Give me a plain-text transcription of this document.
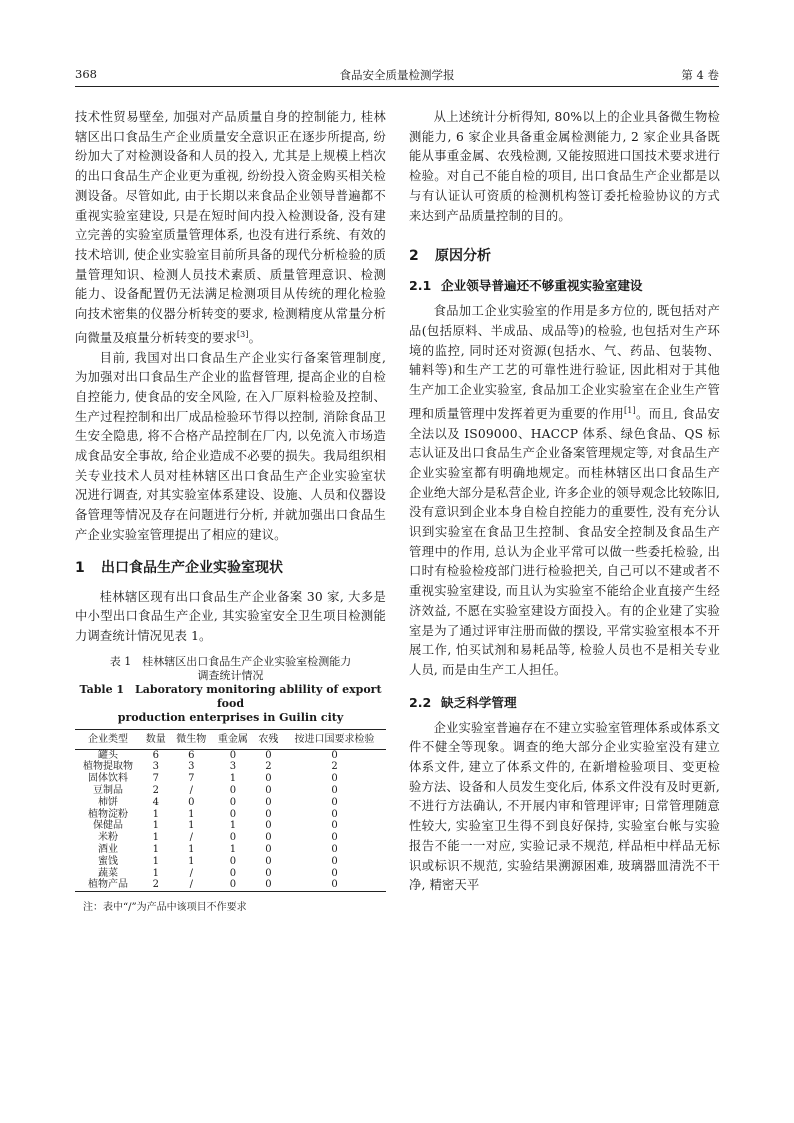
368	食品安全质量检测学报	第 4 卷

技术性贸易壁垒, 加强对产品质量自身的控制能力, 桂林辖区出口食品生产企业质量安全意识正在逐步所提高, 纷纷加大了对检测设备和人员的投入, 尤其是上规模上档次的出口食品生产企业更为重视, 纷纷投入资金购买相关检测设备。尽管如此, 由于长期以来食品企业领导普遍都不重视实验室建设, 只是在短时间内投入检测设备, 没有建立完善的实验室质量管理体系, 也没有进行系统、有效的技术培训, 使企业实验室目前所具备的现代分析检验的质量管理知识、检测人员技术素质、质量管理意识、检测能力、设备配置仍无法满足检测项目从传统的理化检验向技术密集的仪器分析转变的要求, 检测精度从常量分析向微量及痕量分析转变的要求[3]。

目前, 我国对出口食品生产企业实行备案管理制度, 为加强对出口食品生产企业的监督管理, 提高企业的自检自控能力, 使食品的安全风险, 在入厂原料检验及控制、生产过程控制和出厂成品检验环节得以控制, 消除食品卫生安全隐患, 将不合格产品控制在厂内, 以免流入市场造成食品安全事故, 给企业造成不必要的损失。我局组织相关专业技术人员对桂林辖区出口食品生产企业实验室状况进行调查, 对其实验室体系建设、设施、人员和仪器设备管理等情况及存在问题进行分析, 并就加强出口食品生产企业实验室管理提出了相应的建议。

1 出口食品生产企业实验室现状

桂林辖区现有出口食品生产企业备案 30 家, 大多是中小型出口食品生产企业, 其实验室安全卫生项目检测能力调查统计情况见表 1。

表 1　桂林辖区出口食品生产企业实验室检测能力
调查统计情况
Table 1　Laboratory monitoring ablility of export food
production enterprises in Guilin city
企业类型	数量	微生物	重金属	农残	按进口国要求检验
罐头	6	6	0	0	0
植物提取物	3	3	3	2	2
固体饮料	7	7	1	0	0
豆制品	2	/	0	0	0
柿饼	4	0	0	0	0
植物淀粉	1	1	0	0	0
保健品	1	1	1	0	0
米粉	1	/	0	0	0
酒业	1	1	1	0	0
蜜饯	1	1	0	0	0
蔬菜	1	/	0	0	0
植物产品	2	/	0	0	0
注：表中“/”为产品中该项目不作要求

从上述统计分析得知, 80%以上的企业具备微生物检测能力, 6 家企业具备重金属检测能力, 2 家企业具备既能从事重金属、农残检测, 又能按照进口国技术要求进行检验。对自己不能自检的项目, 出口食品生产企业都是以与有认证认可资质的检测机构签订委托检验协议的方式来达到产品质量控制的目的。

2 原因分析
2.1 企业领导普遍还不够重视实验室建设

食品加工企业实验室的作用是多方位的, 既包括对产品(包括原料、半成品、成品等)的检验, 也包括对生产环境的监控, 同时还对资源(包括水、气、药品、包装物、辅料等)和生产工艺的可靠性进行验证, 因此相对于其他生产加工企业实验室, 食品加工企业实验室在企业生产管理和质量管理中发挥着更为重要的作用[1]。而且, 食品安全法以及 IS09000、HACCP 体系、绿色食品、QS 标志认证及出口食品生产企业备案管理规定等, 对食品生产企业实验室都有明确地规定。而桂林辖区出口食品生产企业绝大部分是私营企业, 许多企业的领导观念比较陈旧, 没有意识到企业本身自检自控能力的重要性, 没有充分认识到实验室在食品卫生控制、食品安全控制及食品生产管理中的作用, 总认为企业平常可以做一些委托检验, 出口时有检验检疫部门进行检验把关, 自己可以不建或者不重视实验室建设, 而且认为实验室不能给企业直接产生经济效益, 不愿在实验室建设方面投入。有的企业建了实验室是为了通过评审注册而做的摆设, 平常实验室根本不开展工作, 怕买试剂和易耗品等, 检验人员也不是相关专业人员, 而是由生产工人担任。

2.2 缺乏科学管理

企业实验室普遍存在不建立实验室管理体系或体系文件不健全等现象。调查的绝大部分企业实验室没有建立体系文件, 建立了体系文件的, 在新增检验项目、变更检验方法、设备和人员发生变化后, 体系文件没有及时更新, 不进行方法确认, 不开展内审和管理评审; 日常管理随意性较大, 实验室卫生得不到良好保持, 实验室台帐与实验报告不能一一对应, 实验记录不规范, 样品柜中样品无标识或标识不规范, 实验结果溯源困难, 玻璃器皿清洗不干净, 精密天平
